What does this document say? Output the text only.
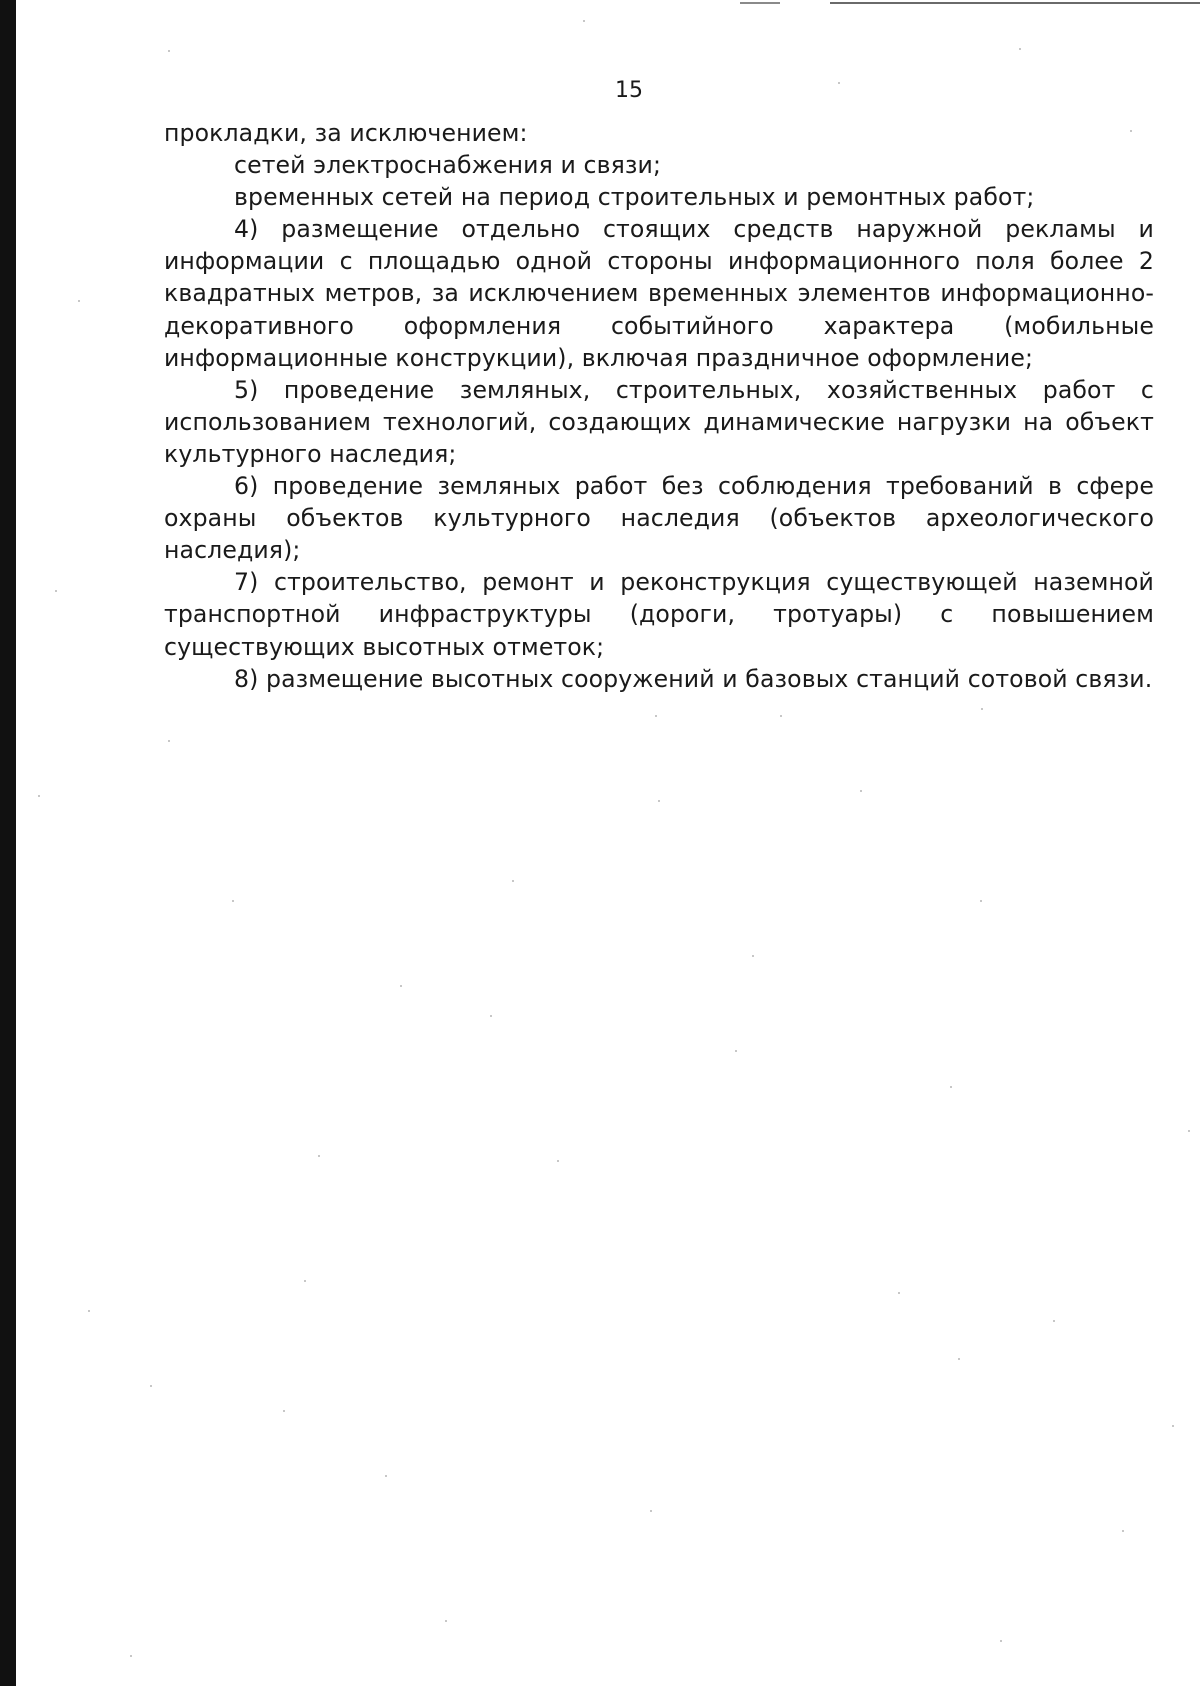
15

прокладки, за исключением:

сетей электроснабжения и связи;

временных сетей на период строительных и ремонтных работ;

4) размещение отдельно стоящих средств наружной рекламы и информации с площадью одной стороны информационного поля более 2 квадратных метров, за исключением временных элементов информационно-декоративного оформления событийного характера (мобильные информационные конструкции), включая праздничное оформление;

5) проведение земляных, строительных, хозяйственных работ с использованием технологий, создающих динамические нагрузки на объект культурного наследия;

6) проведение земляных работ без соблюдения требований в сфере охраны объектов культурного наследия (объектов археологического наследия);

7) строительство, ремонт и реконструкция существующей наземной транспортной инфраструктуры (дороги, тротуары) с повышением существующих высотных отметок;

8) размещение высотных сооружений и базовых станций сотовой связи.
